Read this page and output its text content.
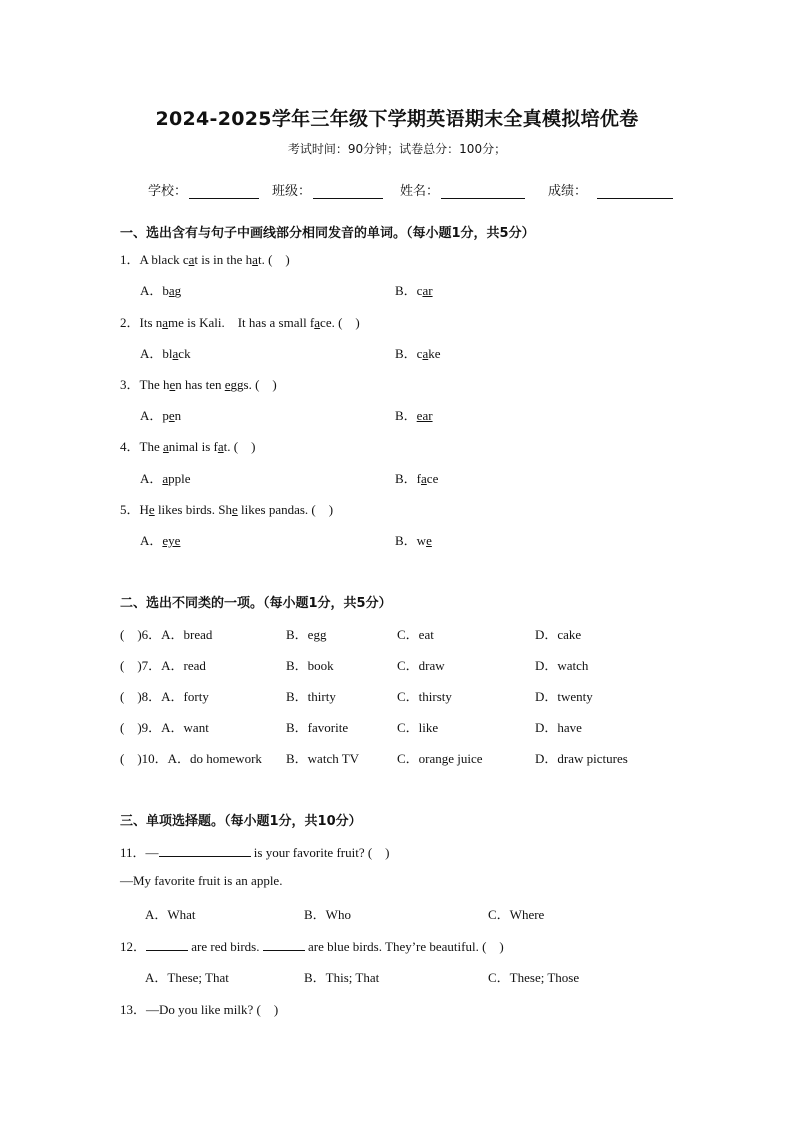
2024-2025学年三年级下学期英语期末全真模拟培优卷
考试时间：90分钟；试卷总分：100分；
学校：	班级：	姓名：	成绩：
一、选出含有与句子中画线部分相同发音的单词。（每小题1分，共5分）
1．A black cat is in the hat. (　)
A．bag	B．car
2．Its name is Kali.　It has a small face. (　)
A．black	B．cake
3．The hen has ten eggs. (　)
A．pen	B．ear
4．The animal is fat. (　)
A．apple	B．face
5．He likes birds. She likes pandas. (　)
A．eye	B．we
二、选出不同类的一项。（每小题1分，共5分）
(　)6．A．bread	B．egg	C．eat	D．cake
(　)7．A．read	B．book	C．draw	D．watch
(　)8．A．forty	B．thirty	C．thirsty	D．twenty
(　)9．A．want	B．favorite	C．like	D．have
(　)10．A．do homework B．watch TV	C．orange juice	D．draw pictures
三、单项选择题。（每小题1分，共10分）
11．—	is your favorite fruit? (　)
—My favorite fruit is an apple.
A．What	B．Who	C．Where
12．	are red birds.	are blue birds. They’re beautiful. (　)
A．These; That	B．This; That	C．These; Those
13．—Do you like milk? (　)
